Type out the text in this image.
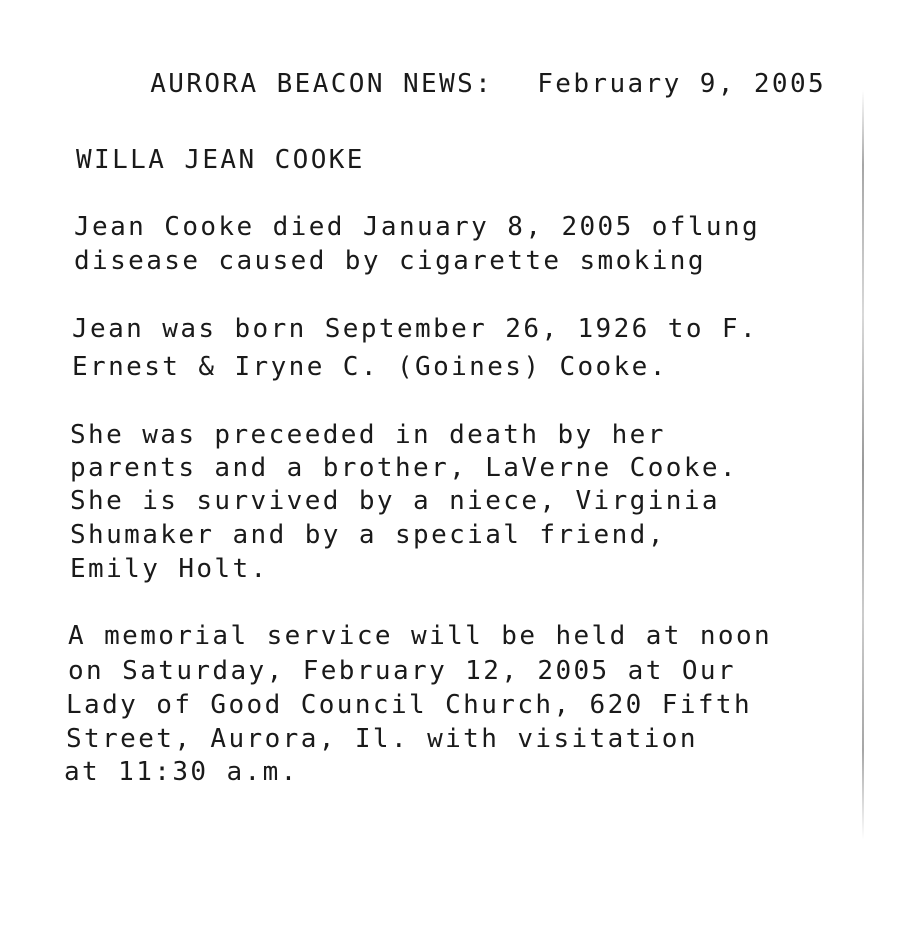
AURORA BEACON NEWS: February 9, 2005

WILLA JEAN COOKE
Jean Cooke died January 8, 2005 oflung
disease caused by cigarette smoking
Jean was born September 26, 1926 to F.
Ernest & Iryne C. (Goines) Cooke.
She was preceeded in death by her
parents and a brother, LaVerne Cooke.
She is survived by a niece, Virginia
Shumaker and by a special friend,
Emily Holt.
A memorial service will be held at noon
on Saturday, February 12, 2005 at Our
Lady of Good Council Church, 620 Fifth
Street, Aurora, Il. with visitation
at 11:30 a.m.
